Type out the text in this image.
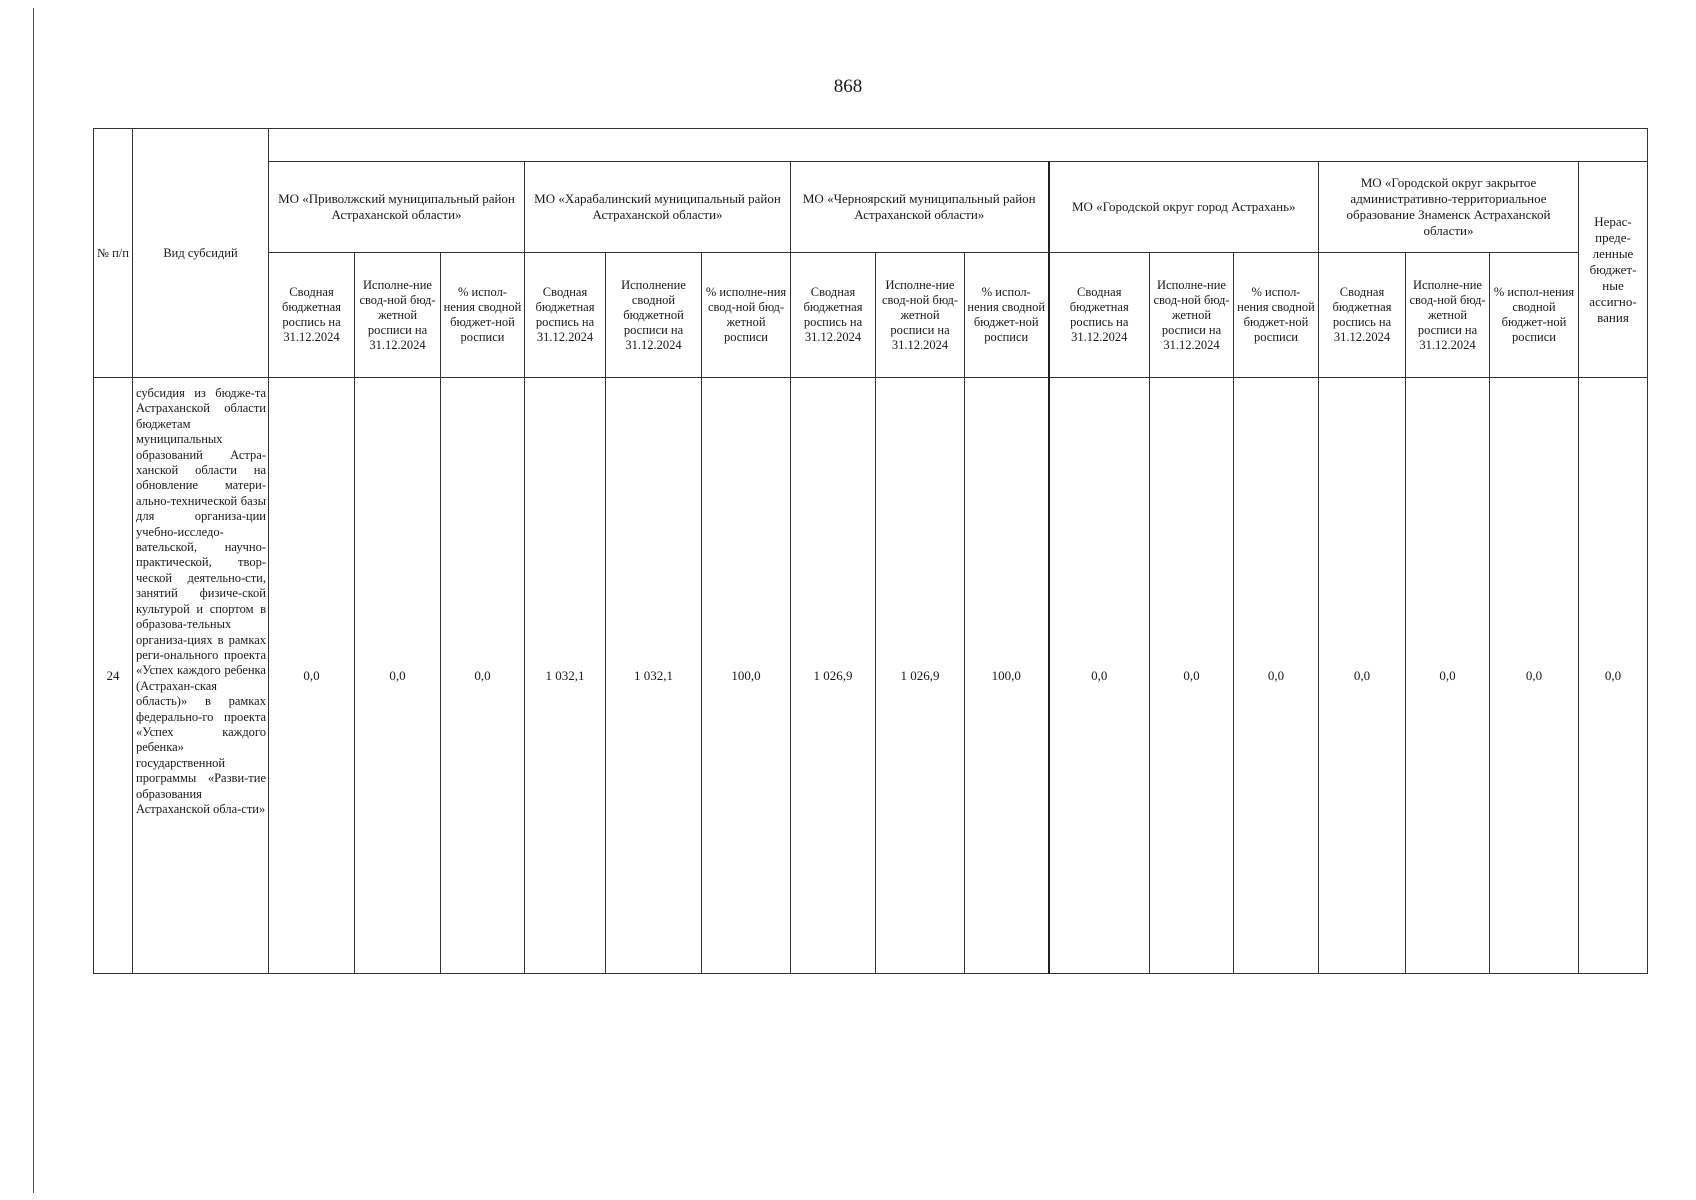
868
№ п/п	Вид субсидий																
		МО «Приволжский муниципальный район Астраханской области»			МО «Харабалинский муниципальный район Астраханской области»			МО «Черноярский муниципальный район Астраханской области»			МО «Городской округ город Астрахань»			МО «Городской округ закрытое административно-территориальное образование Знаменск Астраханской области»			Нерас-преде-ленные бюджет-ные ассигно-вания
		Сводная бюджетная роспись на 31.12.2024	Исполне-ние свод-ной бюд-жетной росписи на 31.12.2024	% испол-нения сводной бюджет-ной росписи	Сводная бюджетная роспись на 31.12.2024	Исполнение сводной бюджетной росписи на 31.12.2024	% исполне-ния свод-ной бюд-жетной росписи	Сводная бюджетная роспись на 31.12.2024	Исполне-ние свод-ной бюд-жетной росписи на 31.12.2024	% испол-нения сводной бюджет-ной росписи	Сводная бюджетная роспись на 31.12.2024	Исполне-ние свод-ной бюд-жетной росписи на 31.12.2024	% испол-нения сводной бюджет-ной росписи	Сводная бюджетная роспись на 31.12.2024	Исполне-ние свод-ной бюд-жетной росписи на 31.12.2024	% испол-нения сводной бюджет-ной росписи	
24	субсидия из бюдже-та Астраханской области бюджетам муниципальных образований Астра-ханской области на обновление матери-ально-технической базы для организа-ции учебно-исследо-вательской, научно-практической, твор-ческой деятельно-сти, занятий физиче-ской культурой и спортом в образова-тельных организа-циях в рамках реги-онального проекта «Успех каждого ребенка (Астрахан-ская область)» в рамках федерально-го проекта «Успех каждого ребенка» государственной программы «Разви-тие образования Астраханской обла-сти»	0,0	0,0	0,0	1 032,1	1 032,1	100,0	1 026,9	1 026,9	100,0	0,0	0,0	0,0	0,0	0,0	0,0	0,0
